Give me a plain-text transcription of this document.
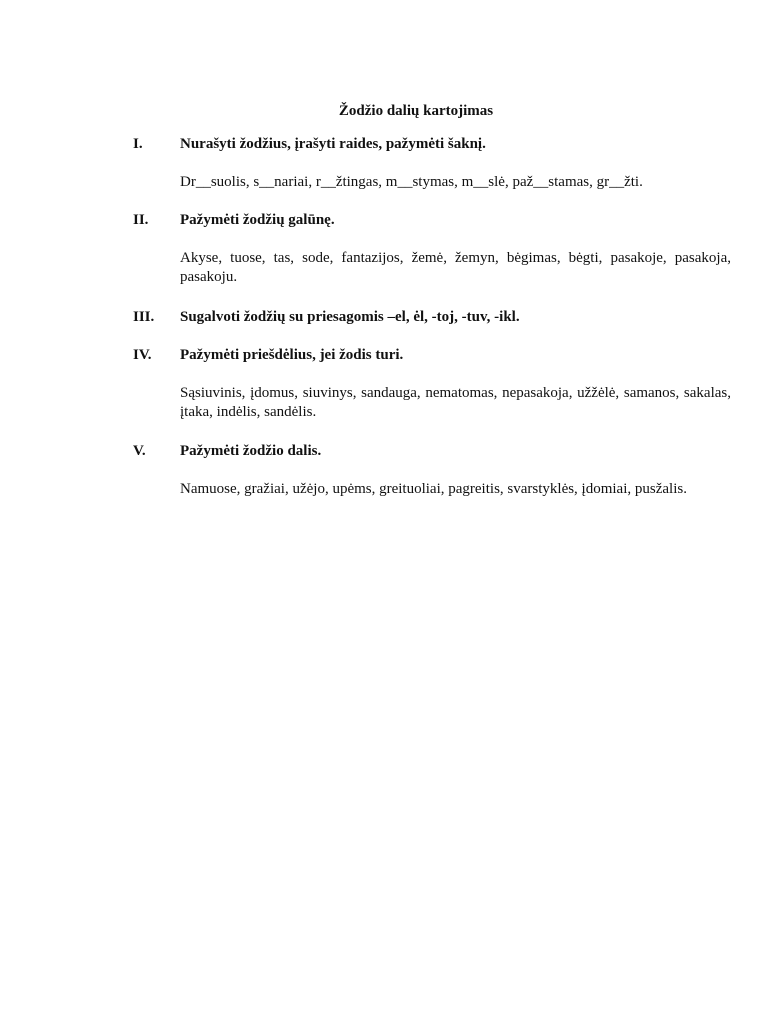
Žodžio dalių kartojimas
I. Nurašyti žodžius, įrašyti raides, pažymėti šaknį.
Dr__suolis, s__nariai, r__žtingas, m__stymas, m__slė, paž__stamas, gr__žti.
II. Pažymėti žodžių galūnę.
Akyse, tuose, tas, sode, fantazijos, žemė, žemyn, bėgimas, bėgti, pasakoje, pasakoja, pasakoju.
III. Sugalvoti žodžių su priesagomis –el, ėl, -toj, -tuv, -ikl.
IV. Pažymėti priešdėlius, jei žodis turi.
Sąsiuvinis, įdomus, siuvinys, sandauga, nematomas, nepasakoja, užžėlė, samanos, sakalas, įtaka, indėlis, sandėlis.
V. Pažymėti žodžio dalis.
Namuose, gražiai, užėjo, upėms, greituoliai, pagreitis, svarstyklės, įdomiai, pusžalis.
